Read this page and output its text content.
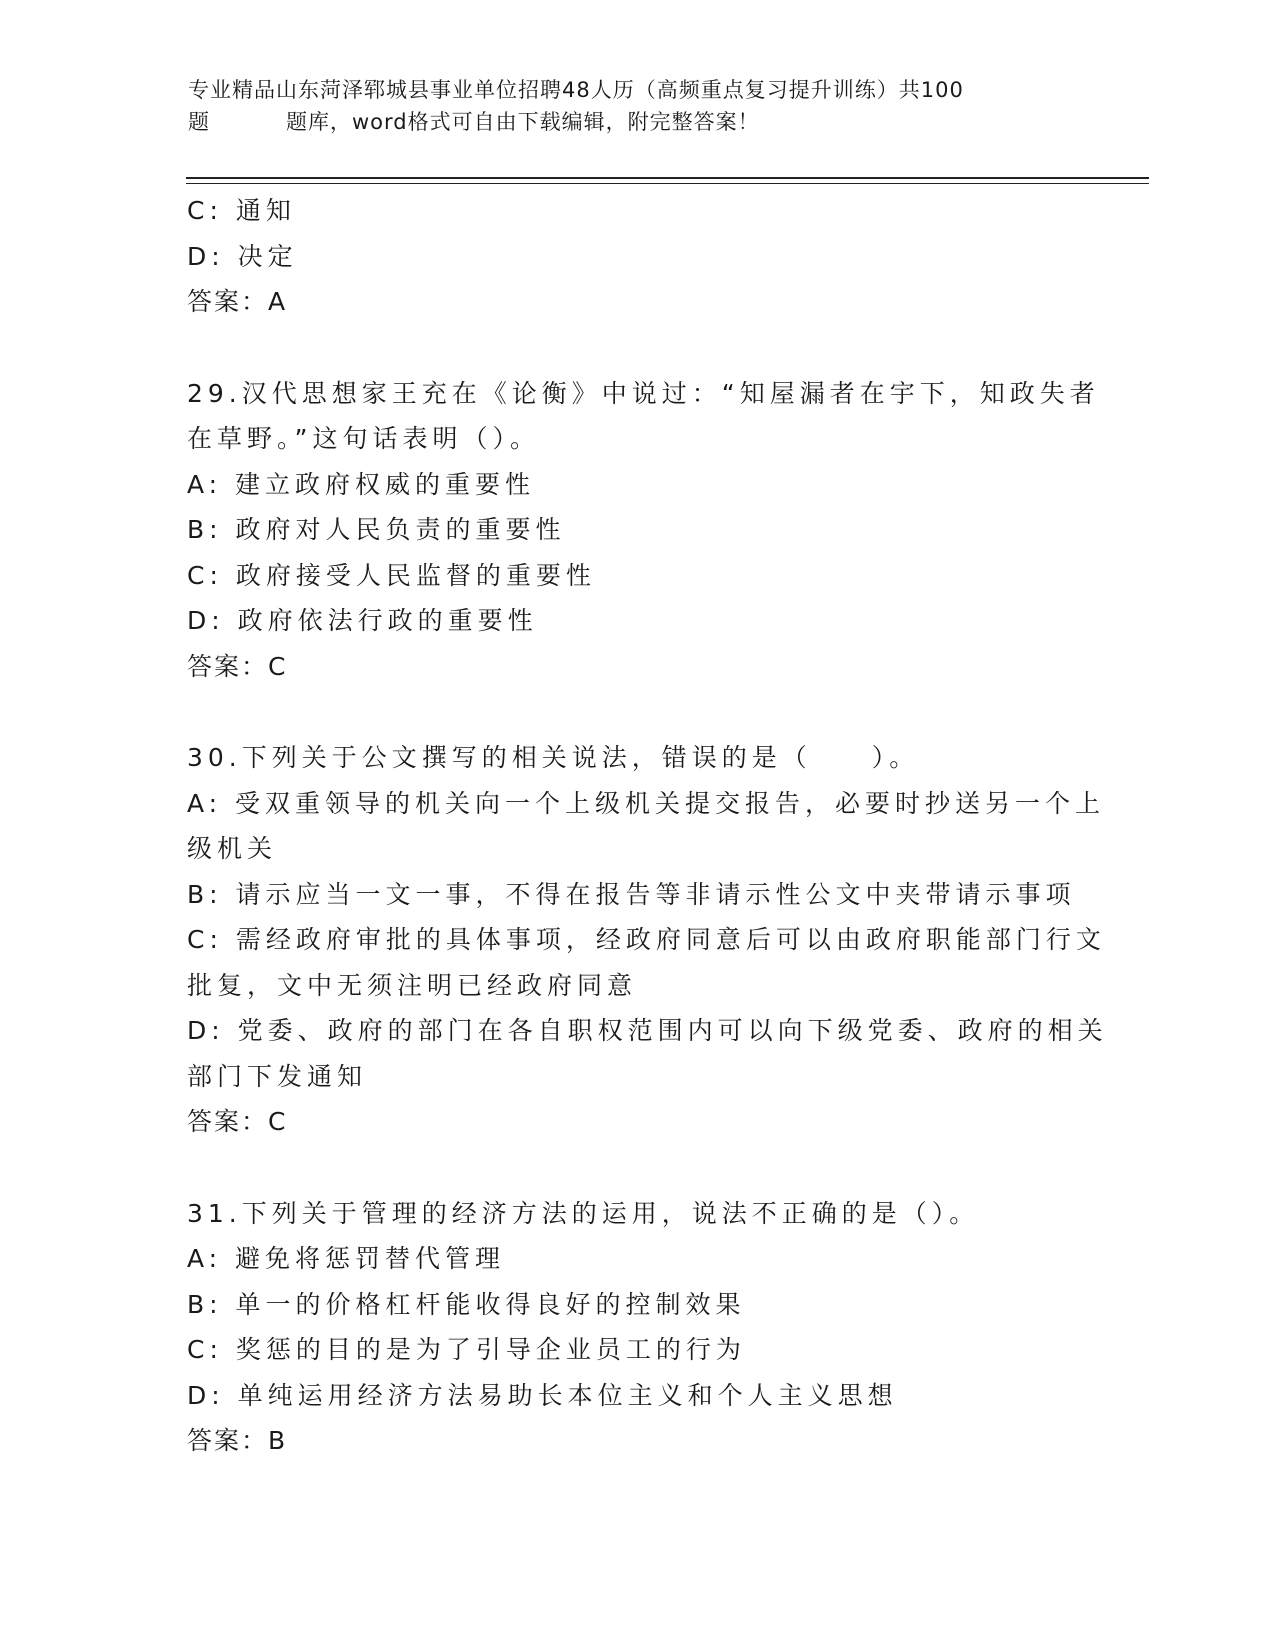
专业精品山东菏泽郓城县事业单位招聘48人历（高频重点复习提升训练）共100
题	题库，word格式可自由下载编辑，附完整答案！
C: 通知
D: 决定
答案：A
29.汉代思想家王充在《论衡》中说过：“知屋漏者在宇下，知政失者
在草野。”这句话表明（）。
A: 建立政府权威的重要性
B: 政府对人民负责的重要性
C: 政府接受人民监督的重要性
D: 政府依法行政的重要性
答案：C
30.下列关于公文撰写的相关说法，错误的是（　　）。
A: 受双重领导的机关向一个上级机关提交报告，必要时抄送另一个上
级机关
B: 请示应当一文一事，不得在报告等非请示性公文中夹带请示事项
C: 需经政府审批的具体事项，经政府同意后可以由政府职能部门行文
批复，文中无须注明已经政府同意
D: 党委、政府的部门在各自职权范围内可以向下级党委、政府的相关
部门下发通知
答案：C
31.下列关于管理的经济方法的运用，说法不正确的是（）。
A: 避免将惩罚替代管理
B: 单一的价格杠杆能收得良好的控制效果
C: 奖惩的目的是为了引导企业员工的行为
D: 单纯运用经济方法易助长本位主义和个人主义思想
答案：B
